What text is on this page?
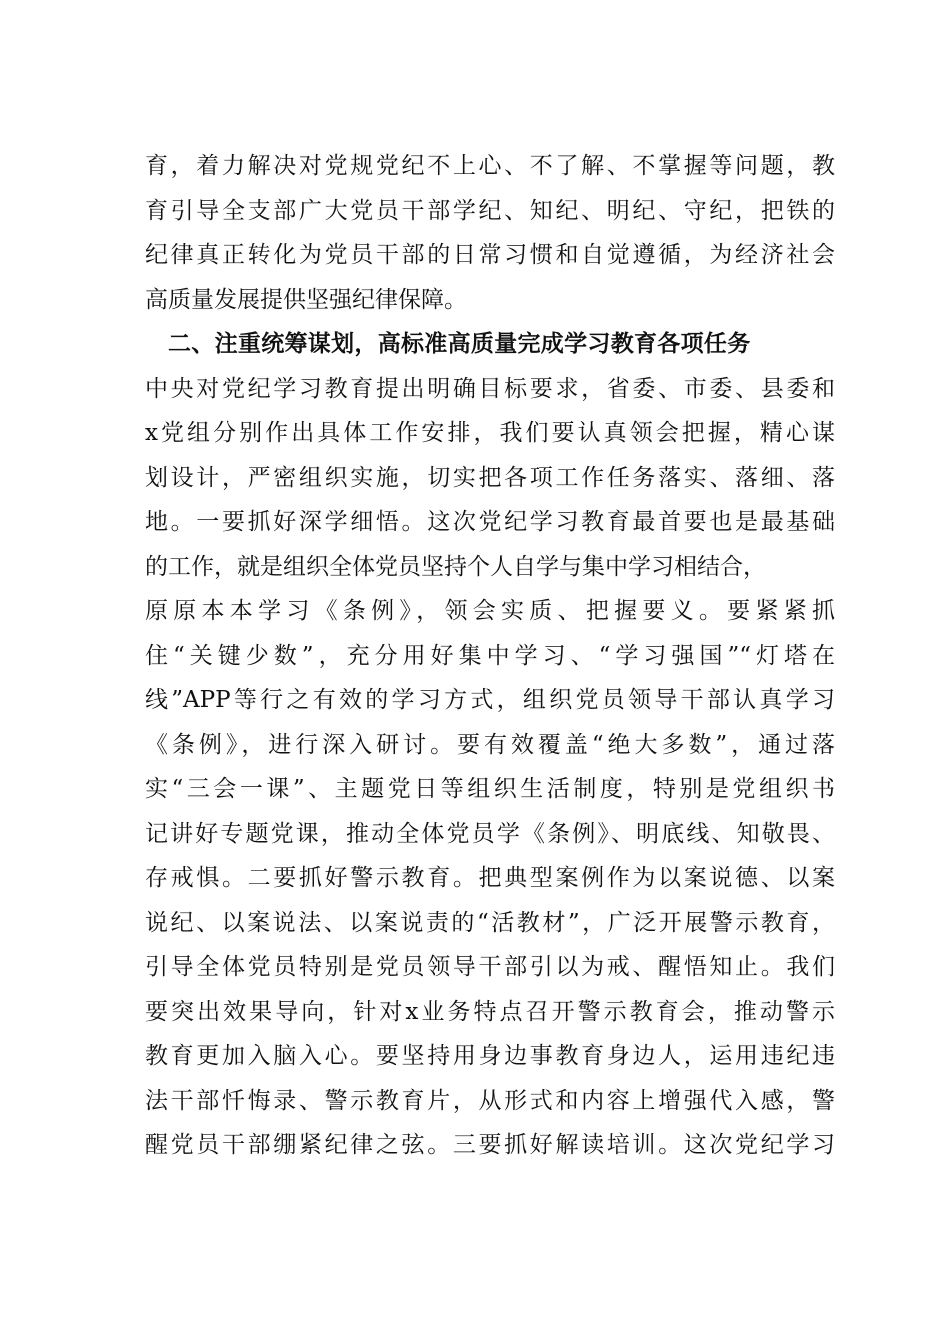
育，着力解决对党规党纪不上心、不了解、不掌握等问题，教
育引导全支部广大党员干部学纪、知纪、明纪、守纪，把铁的
纪律真正转化为党员干部的日常习惯和自觉遵循，为经济社会
高质量发展提供坚强纪律保障。
二、注重统筹谋划，高标准高质量完成学习教育各项任务
中央对党纪学习教育提出明确目标要求，省委、市委、县委和
x党组分别作出具体工作安排，我们要认真领会把握，精心谋
划设计，严密组织实施，切实把各项工作任务落实、落细、落
地。一要抓好深学细悟。这次党纪学习教育最首要也是最基础
的工作，就是组织全体党员坚持个人自学与集中学习相结合，
原原本本学习《条例》，领会实质、把握要义。要紧紧抓
住“关键少数”，充分用好集中学习、“学习强国”“灯塔在
线”APP等行之有效的学习方式，组织党员领导干部认真学习
《条例》，进行深入研讨。要有效覆盖“绝大多数”，通过落
实“三会一课”、主题党日等组织生活制度，特别是党组织书
记讲好专题党课，推动全体党员学《条例》、明底线、知敬畏、
存戒惧。二要抓好警示教育。把典型案例作为以案说德、以案
说纪、以案说法、以案说责的“活教材”，广泛开展警示教育，
引导全体党员特别是党员领导干部引以为戒、醒悟知止。我们
要突出效果导向，针对x业务特点召开警示教育会，推动警示
教育更加入脑入心。要坚持用身边事教育身边人，运用违纪违
法干部忏悔录、警示教育片，从形式和内容上增强代入感，警
醒党员干部绷紧纪律之弦。三要抓好解读培训。这次党纪学习
